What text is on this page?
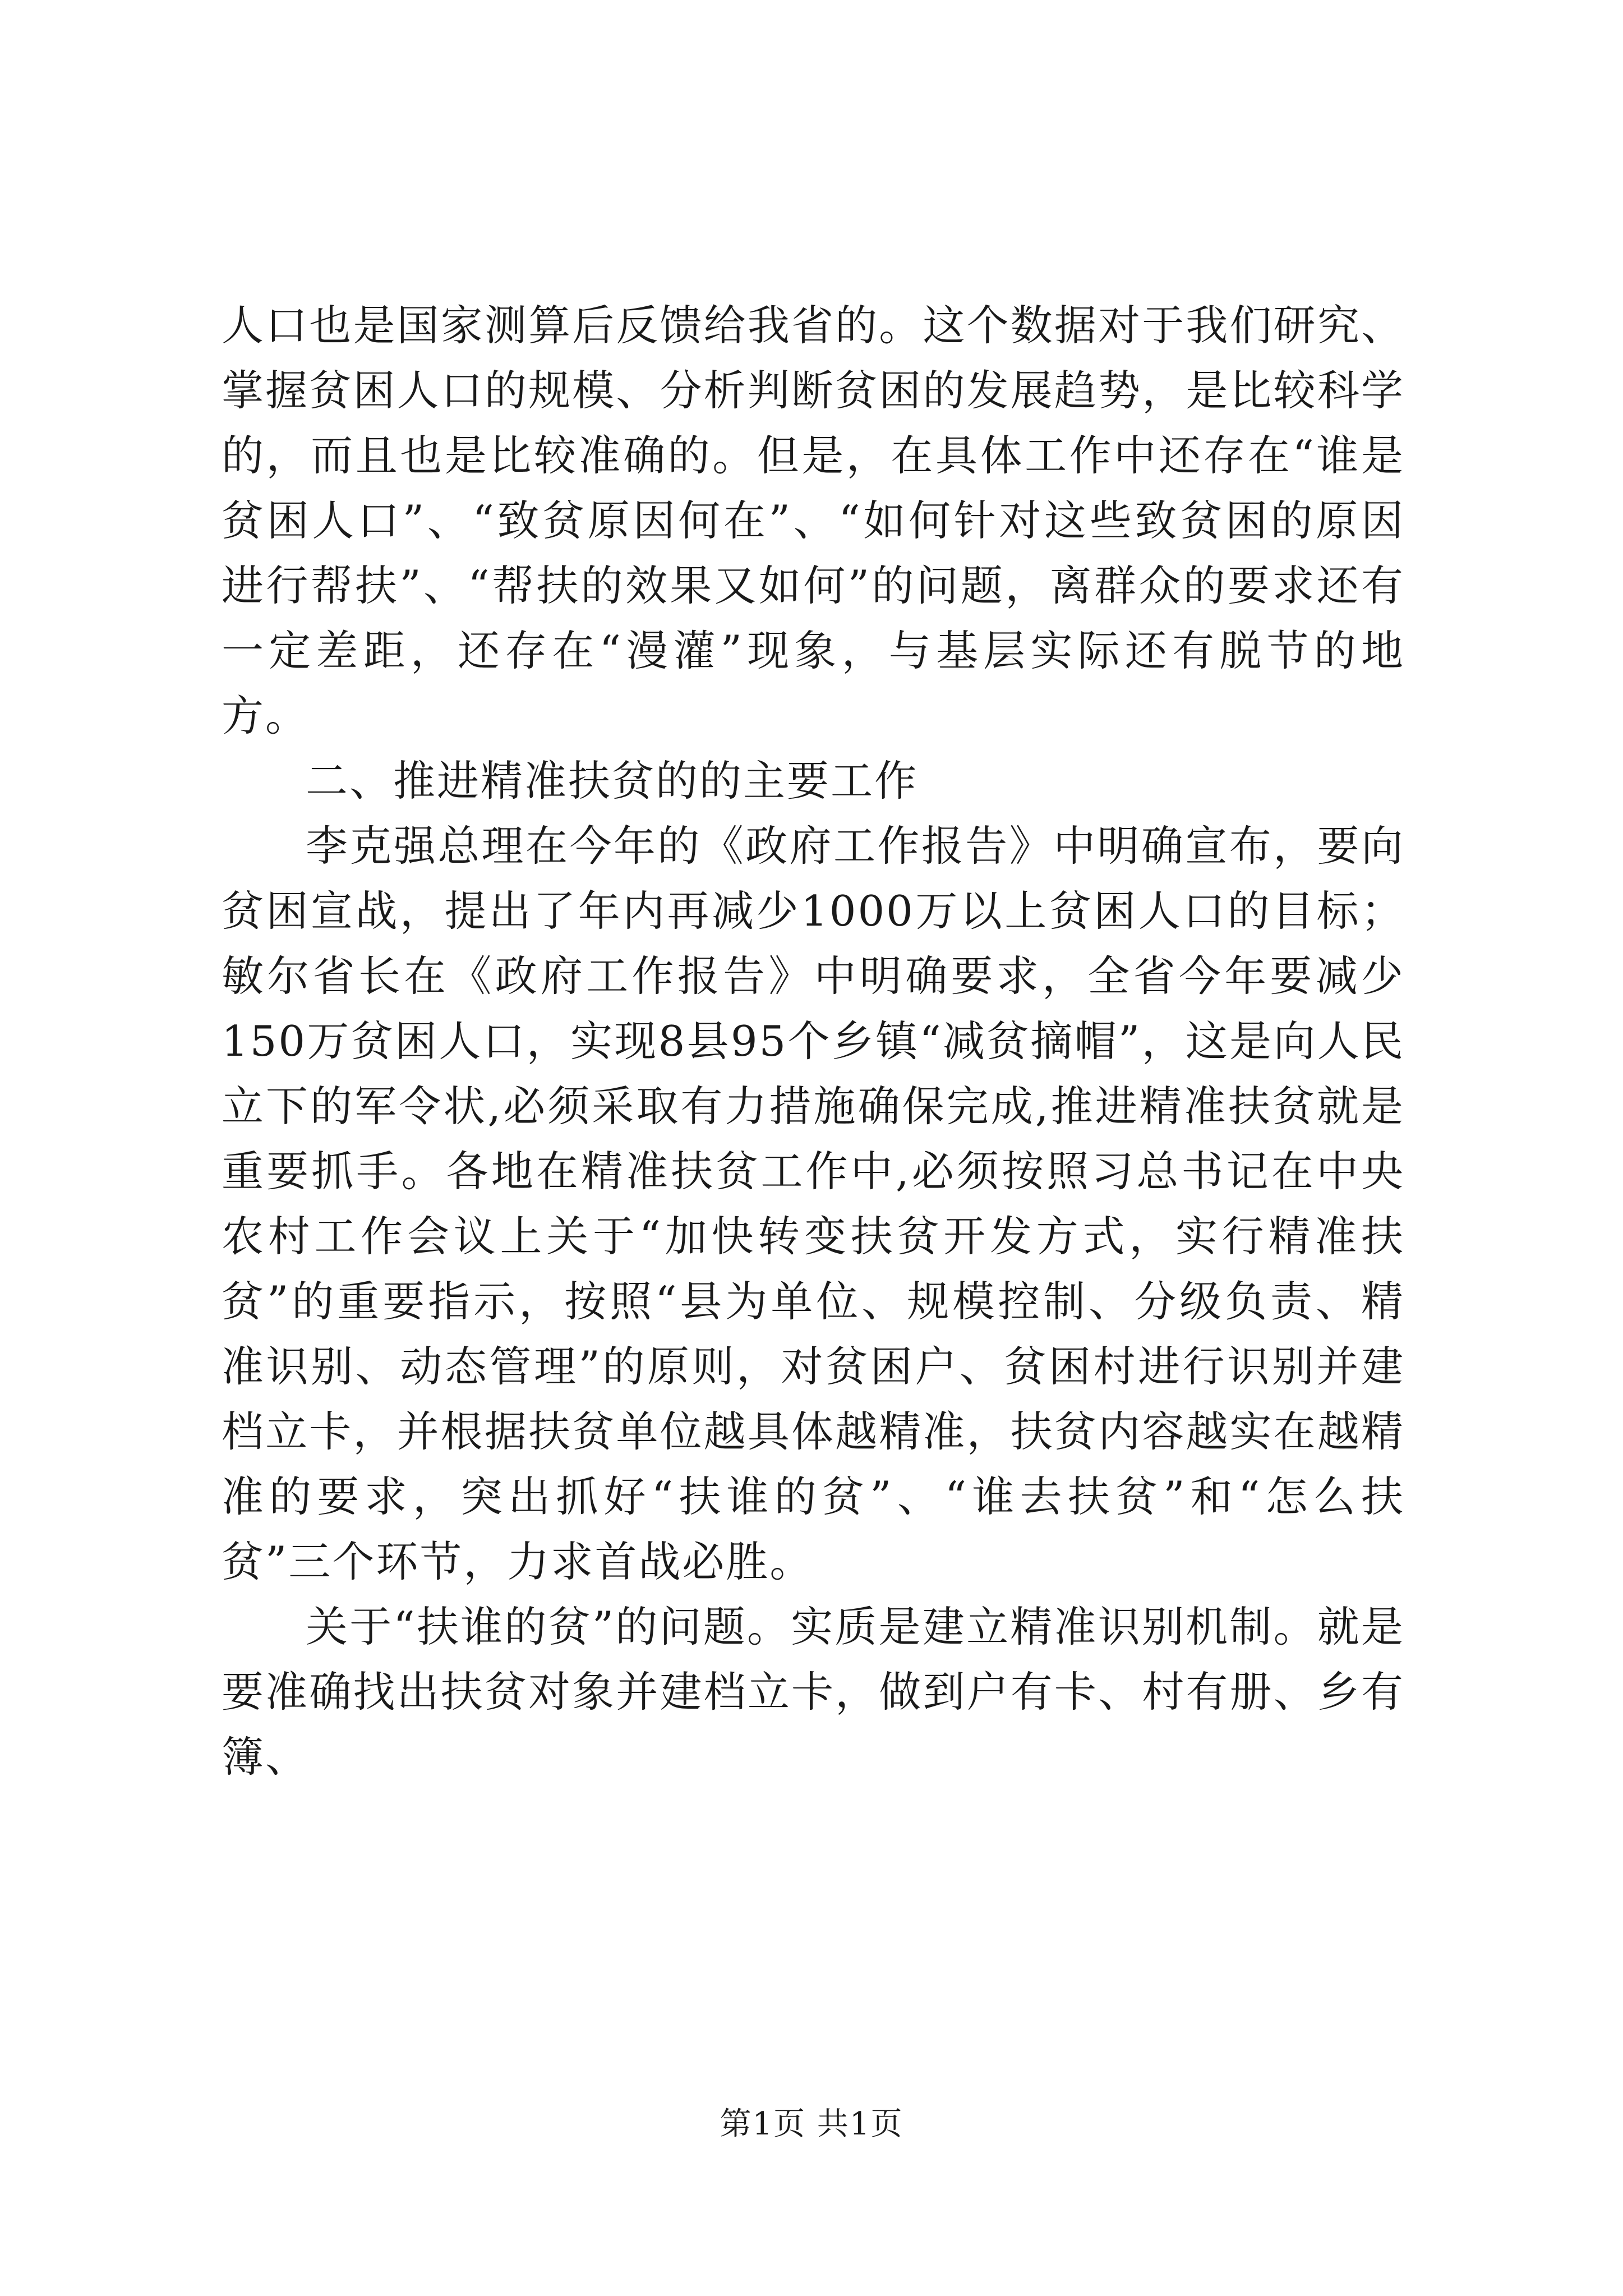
人口也是国家测算后反馈给我省的。这个数据对于我们研究、掌握贫困人口的规模、分析判断贫困的发展趋势，是比较科学的，而且也是比较准确的。但是，在具体工作中还存在“谁是贫困人口”、“致贫原因何在”、“如何针对这些致贫困的原因进行帮扶”、“帮扶的效果又如何”的问题，离群众的要求还有一定差距，还存在“漫灌”现象，与基层实际还有脱节的地方。

二、推进精准扶贫的的主要工作

李克强总理在今年的《政府工作报告》中明确宣布，要向贫困宣战，提出了年内再减少1000万以上贫困人口的目标；敏尔省长在《政府工作报告》中明确要求，全省今年要减少150万贫困人口，实现8县95个乡镇“减贫摘帽”，这是向人民立下的军令状,必须采取有力措施确保完成,推进精准扶贫就是重要抓手。各地在精准扶贫工作中,必须按照习总书记在中央农村工作会议上关于“加快转变扶贫开发方式，实行精准扶贫”的重要指示，按照“县为单位、规模控制、分级负责、精准识别、动态管理”的原则，对贫困户、贫困村进行识别并建档立卡，并根据扶贫单位越具体越精准，扶贫内容越实在越精准的要求，突出抓好“扶谁的贫”、“谁去扶贫”和“怎么扶贫”三个环节，力求首战必胜。

关于“扶谁的贫”的问题。实质是建立精准识别机制。就是要准确找出扶贫对象并建档立卡，做到户有卡、村有册、乡有簿、

第1页 共1页
